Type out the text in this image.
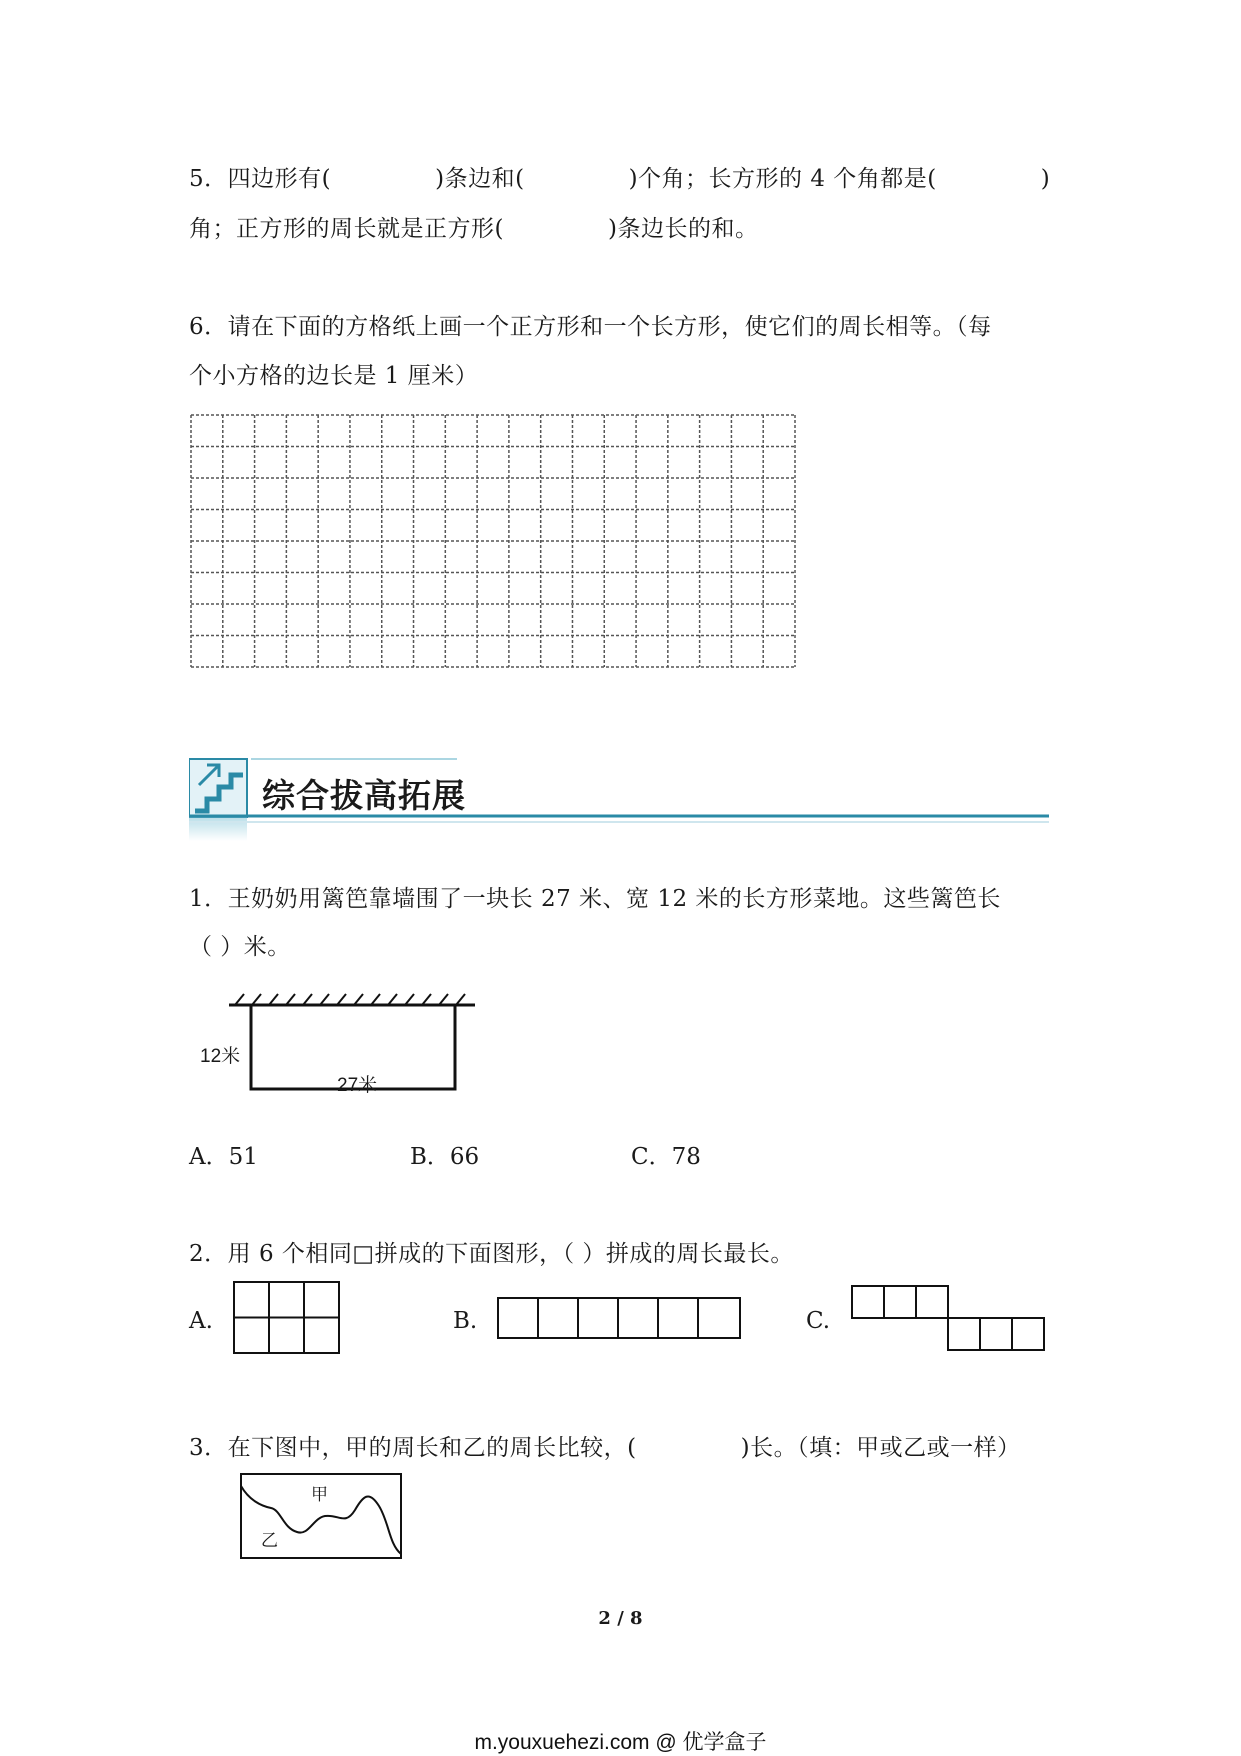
5．四边形有(	)条边和(	)个角；长方形的 4 个角都是(	)
角；正方形的周长就是正方形(	)条边长的和。
6．请在下面的方格纸上画一个正方形和一个长方形，使它们的周长相等。（每
个小方格的边长是 1 厘米）
综合拔高拓展
1．王奶奶用篱笆靠墙围了一块长 27 米、宽 12 米的长方形菜地。这些篱笆长
（ ）米。
12米
27米
A．51	B．66	C．78
2．用 6 个相同□拼成的下面图形，（ ）拼成的周长最长。
A.	B.	C.
3．在下图中，甲的周长和乙的周长比较，(	)长。（填：甲或乙或一样）
甲
乙
2 / 8
m.youxuehezi.com @ 优学盒子
